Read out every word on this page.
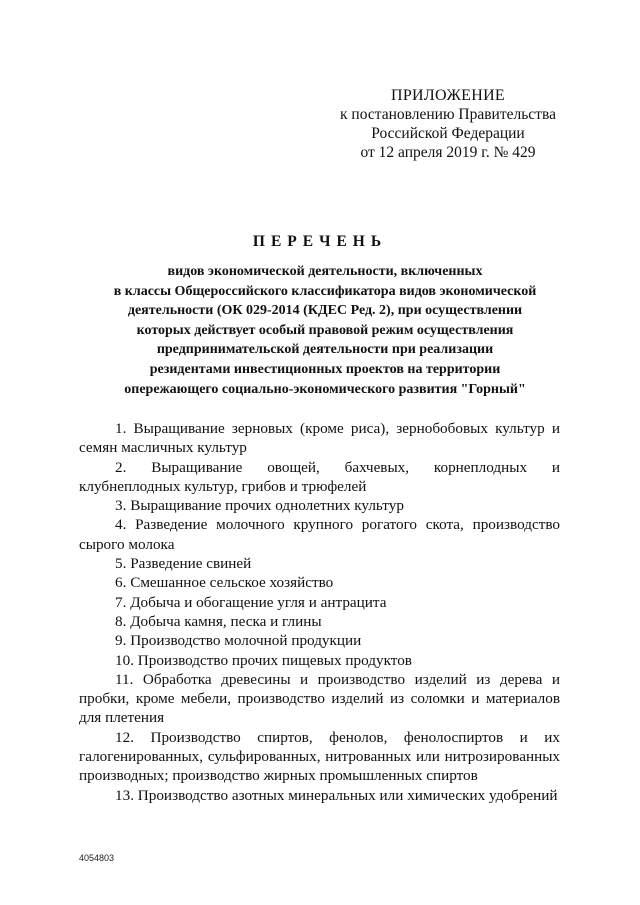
ПРИЛОЖЕНИЕ
к постановлению Правительства
Российской Федерации
от 12 апреля 2019 г. № 429
ПЕРЕЧЕНЬ
видов экономической деятельности, включенных
в классы Общероссийского классификатора видов экономической
деятельности (ОК 029-2014 (КДЕС Ред. 2), при осуществлении
которых действует особый правовой режим осуществления
предпринимательской деятельности при реализации
резидентами инвестиционных проектов на территории
опережающего социально-экономического развития "Горный"
1. Выращивание зерновых (кроме риса), зернобобовых культур и семян масличных культур
2. Выращивание овощей, бахчевых, корнеплодных и клубнеплодных культур, грибов и трюфелей
3. Выращивание прочих однолетних культур
4. Разведение молочного крупного рогатого скота, производство сырого молока
5. Разведение свиней
6. Смешанное сельское хозяйство
7. Добыча и обогащение угля и антрацита
8. Добыча камня, песка и глины
9. Производство молочной продукции
10. Производство прочих пищевых продуктов
11. Обработка древесины и производство изделий из дерева и пробки, кроме мебели, производство изделий из соломки и материалов для плетения
12. Производство спиртов, фенолов, фенолоспиртов и их галогенированных, сульфированных, нитрованных или нитрозированных производных; производство жирных промышленных спиртов
13. Производство азотных минеральных или химических удобрений
4054803
